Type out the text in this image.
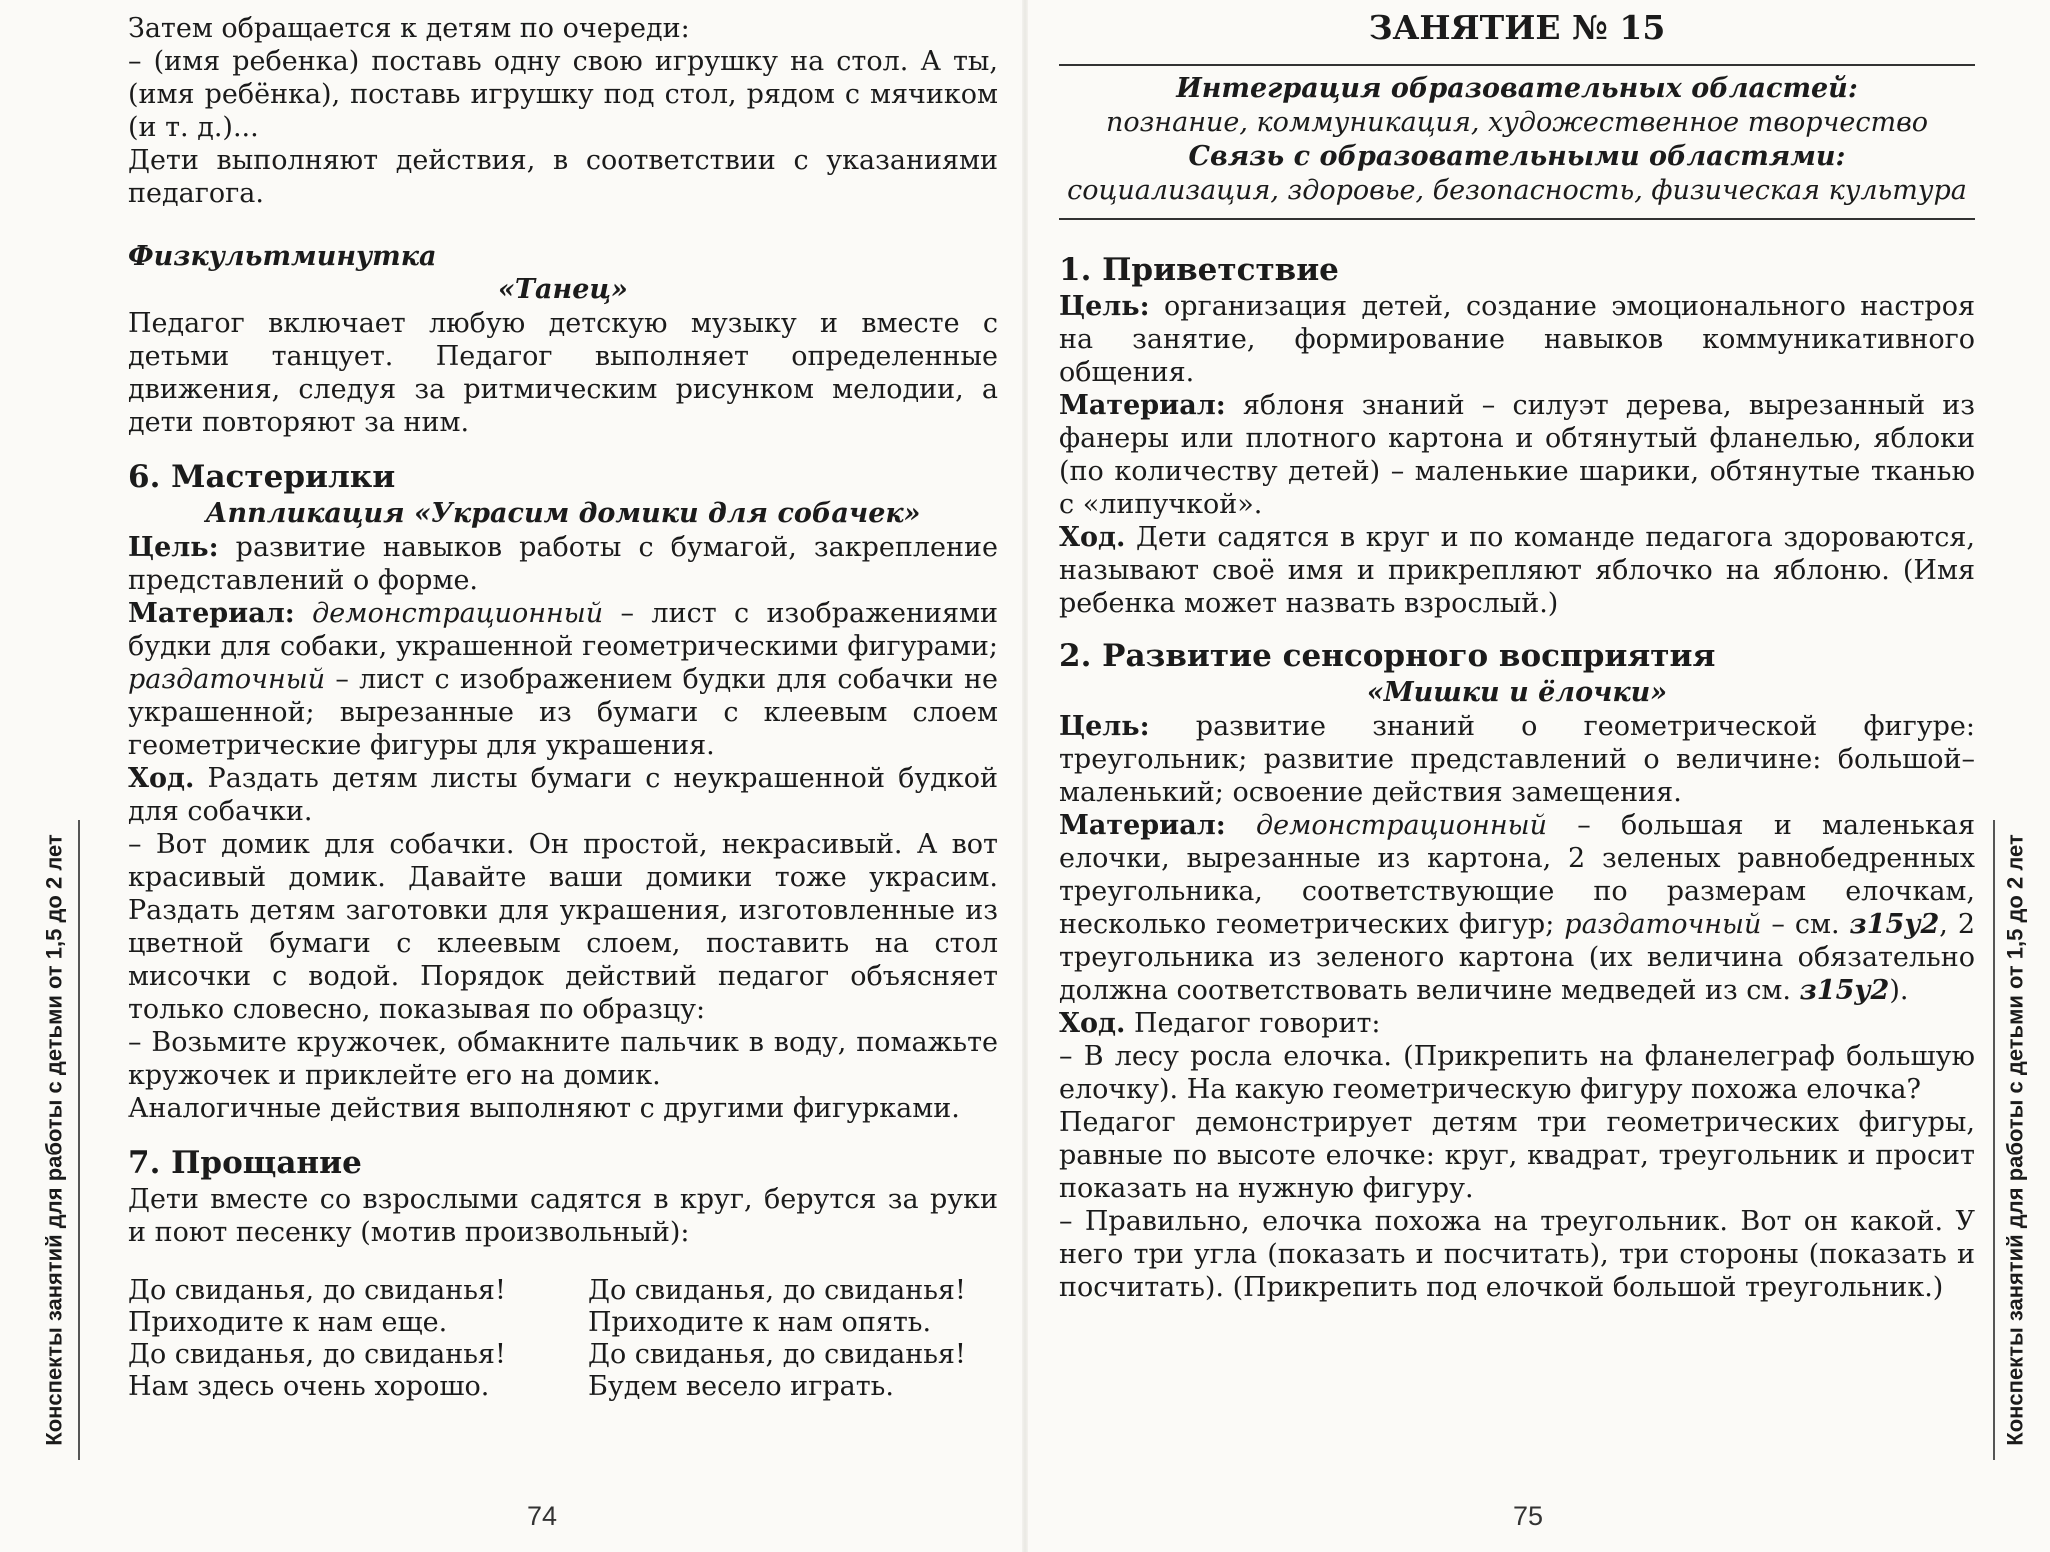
Затем обращается к детям по очереди:

– (имя ребенка) поставь одну свою игрушку на стол. А ты, (имя ребёнка), поставь игрушку под стол, рядом с мячиком (и т. д.)...

Дети выполняют действия, в соответствии с указаниями педагога.

Физкультминутка

«Танец»

Педагог включает любую детскую музыку и вместе с детьми танцует. Педагог выполняет определенные движения, следуя за ритмическим рисунком мелодии, а дети повторяют за ним.

6. Мастерилки
Аппликация «Украсим домики для собачек»

Цель: развитие навыков работы с бумагой, закрепление представлений о форме.

Материал: демонстрационный – лист с изображениями будки для собаки, украшенной геометрическими фигурами; раздаточный – лист с изображением будки для собачки не украшенной; вырезанные из бумаги с клеевым слоем геометрические фигуры для украшения.

Ход. Раздать детям листы бумаги с неукрашенной будкой для собачки.

– Вот домик для собачки. Он простой, некрасивый. А вот красивый домик. Давайте ваши домики тоже украсим. Раздать детям заготовки для украшения, изготовленные из цветной бумаги с клеевым слоем, поставить на стол мисочки с водой. Порядок действий педагог объясняет только словесно, показывая по образцу:

– Возьмите кружочек, обмакните пальчик в воду, помажьте кружочек и приклейте его на домик.

Аналогичные действия выполняют с другими фигурками.

7. Прощание

Дети вместе со взрослыми садятся в круг, берутся за руки и поют песенку (мотив произвольный):

До свиданья, до свиданья!
Приходите к нам еще.
До свиданья, до свиданья!
Нам здесь очень хорошо.
До свиданья, до свиданья!
Приходите к нам опять.
До свиданья, до свиданья!
Будем весело играть.
Конспекты занятий для работы с детьми от 1,5 до 2 лет
74
ЗАНЯТИЕ № 15
Интеграция образовательных областей:
познание, коммуникация, художественное творчество
Связь с образовательными областями:
социализация, здоровье, безопасность, физическая культура
1. Приветствие

Цель: организация детей, создание эмоционального настроя на занятие, формирование навыков коммуникативного общения.

Материал: яблоня знаний – силуэт дерева, вырезанный из фанеры или плотного картона и обтянутый фланелью, яблоки (по количеству детей) – маленькие шарики, обтянутые тканью с «липучкой».

Ход. Дети садятся в круг и по команде педагога здороваются, называют своё имя и прикрепляют яблочко на яблоню. (Имя ребенка может назвать взрослый.)

2. Развитие сенсорного восприятия
«Мишки и ёлочки»

Цель: развитие знаний о геометрической фигуре: треугольник; развитие представлений о величине: большой–маленький; освоение действия замещения.

Материал: демонстрационный – большая и маленькая елочки, вырезанные из картона, 2 зеленых равнобедренных треугольника, соответствующие по размерам елочкам, несколько геометрических фигур; раздаточный – см. з15у2, 2 треугольника из зеленого картона (их величина обязательно должна соответствовать величине медведей из см. з15у2).

Ход. Педагог говорит:

– В лесу росла елочка. (Прикрепить на фланелеграф большую елочку). На какую геометрическую фигуру похожа елочка?

Педагог демонстрирует детям три геометрических фигуры, равные по высоте елочке: круг, квадрат, треугольник и просит показать на нужную фигуру.

– Правильно, елочка похожа на треугольник. Вот он какой. У него три угла (показать и посчитать), три стороны (показать и посчитать). (Прикрепить под елочкой большой треугольник.)	Конспекты занятий для работы с детьми от 1,5 до 2 лет
75
